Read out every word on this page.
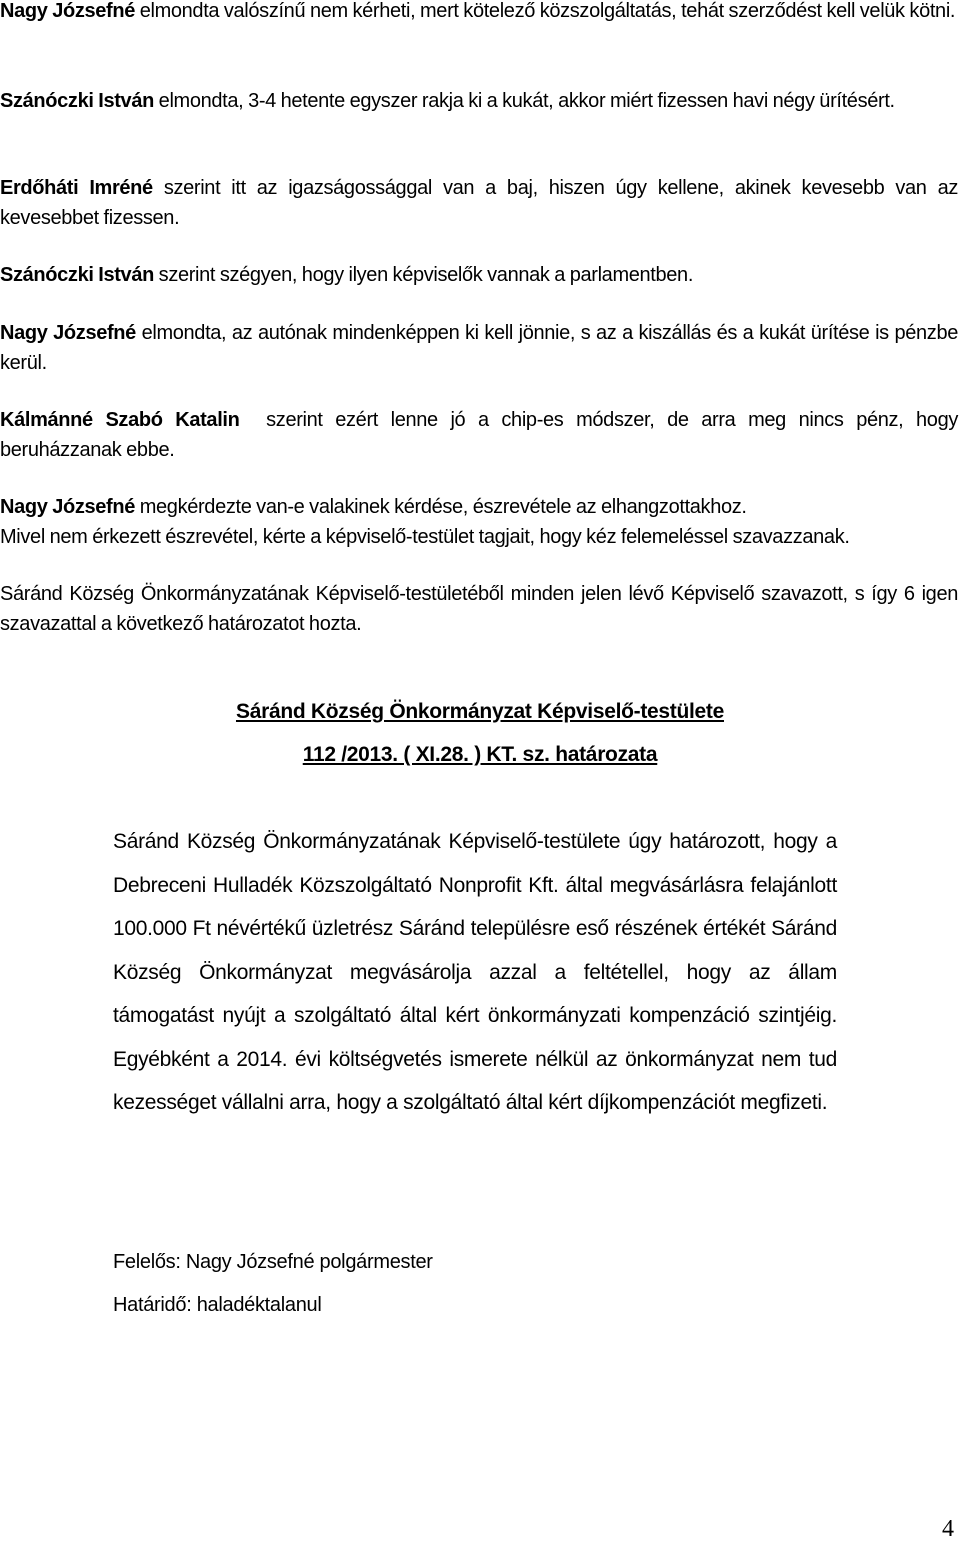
Nagy Józsefné elmondta valószínű nem kérheti, mert kötelező közszolgáltatás, tehát szerződést kell velük kötni.

Szánóczki István elmondta, 3-4 hetente egyszer rakja ki a kukát, akkor miért fizessen havi négy ürítésért.

Erdőháti Imréné szerint itt az igazságossággal van a baj, hiszen úgy kellene, akinek kevesebb van az kevesebbet fizessen.

Szánóczki István szerint szégyen, hogy ilyen képviselők vannak a parlamentben.

Nagy Józsefné elmondta, az autónak mindenképpen ki kell jönnie, s az a kiszállás és a kukát ürítése is pénzbe kerül.

Kálmánné Szabó Katalin szerint ezért lenne jó a chip-es módszer, de arra meg nincs pénz, hogy beruházzanak ebbe.

Nagy Józsefné megkérdezte van-e valakinek kérdése, észrevétele az elhangzottakhoz.
Mivel nem érkezett észrevétel, kérte a képviselő-testület tagjait, hogy kéz felemeléssel szavazzanak.

Sáránd Község Önkormányzatának Képviselő-testületéből minden jelen lévő Képviselő szavazott, s így 6 igen szavazattal a következő határozatot hozta.

Sáránd Község Önkormányzat Képviselő-testülete

112 /2013. ( XI.28. ) KT. sz. határozata

Sáránd Község Önkormányzatának Képviselő-testülete úgy határozott, hogy a Debreceni Hulladék Közszolgáltató Nonprofit Kft. által megvásárlásra felajánlott 100.000 Ft névértékű üzletrész Sáránd településre eső részének értékét Sáránd Község Önkormányzat megvásárolja azzal a feltétellel, hogy az állam támogatást nyújt a szolgáltató által kért önkormányzati kompenzáció szintjéig. Egyébként a 2014. évi költségvetés ismerete nélkül az önkormányzat nem tud kezességet vállalni arra, hogy a szolgáltató által kért díjkompenzációt megfizeti.

Felelős: Nagy Józsefné polgármester

Határidő: haladéktalanul

4
